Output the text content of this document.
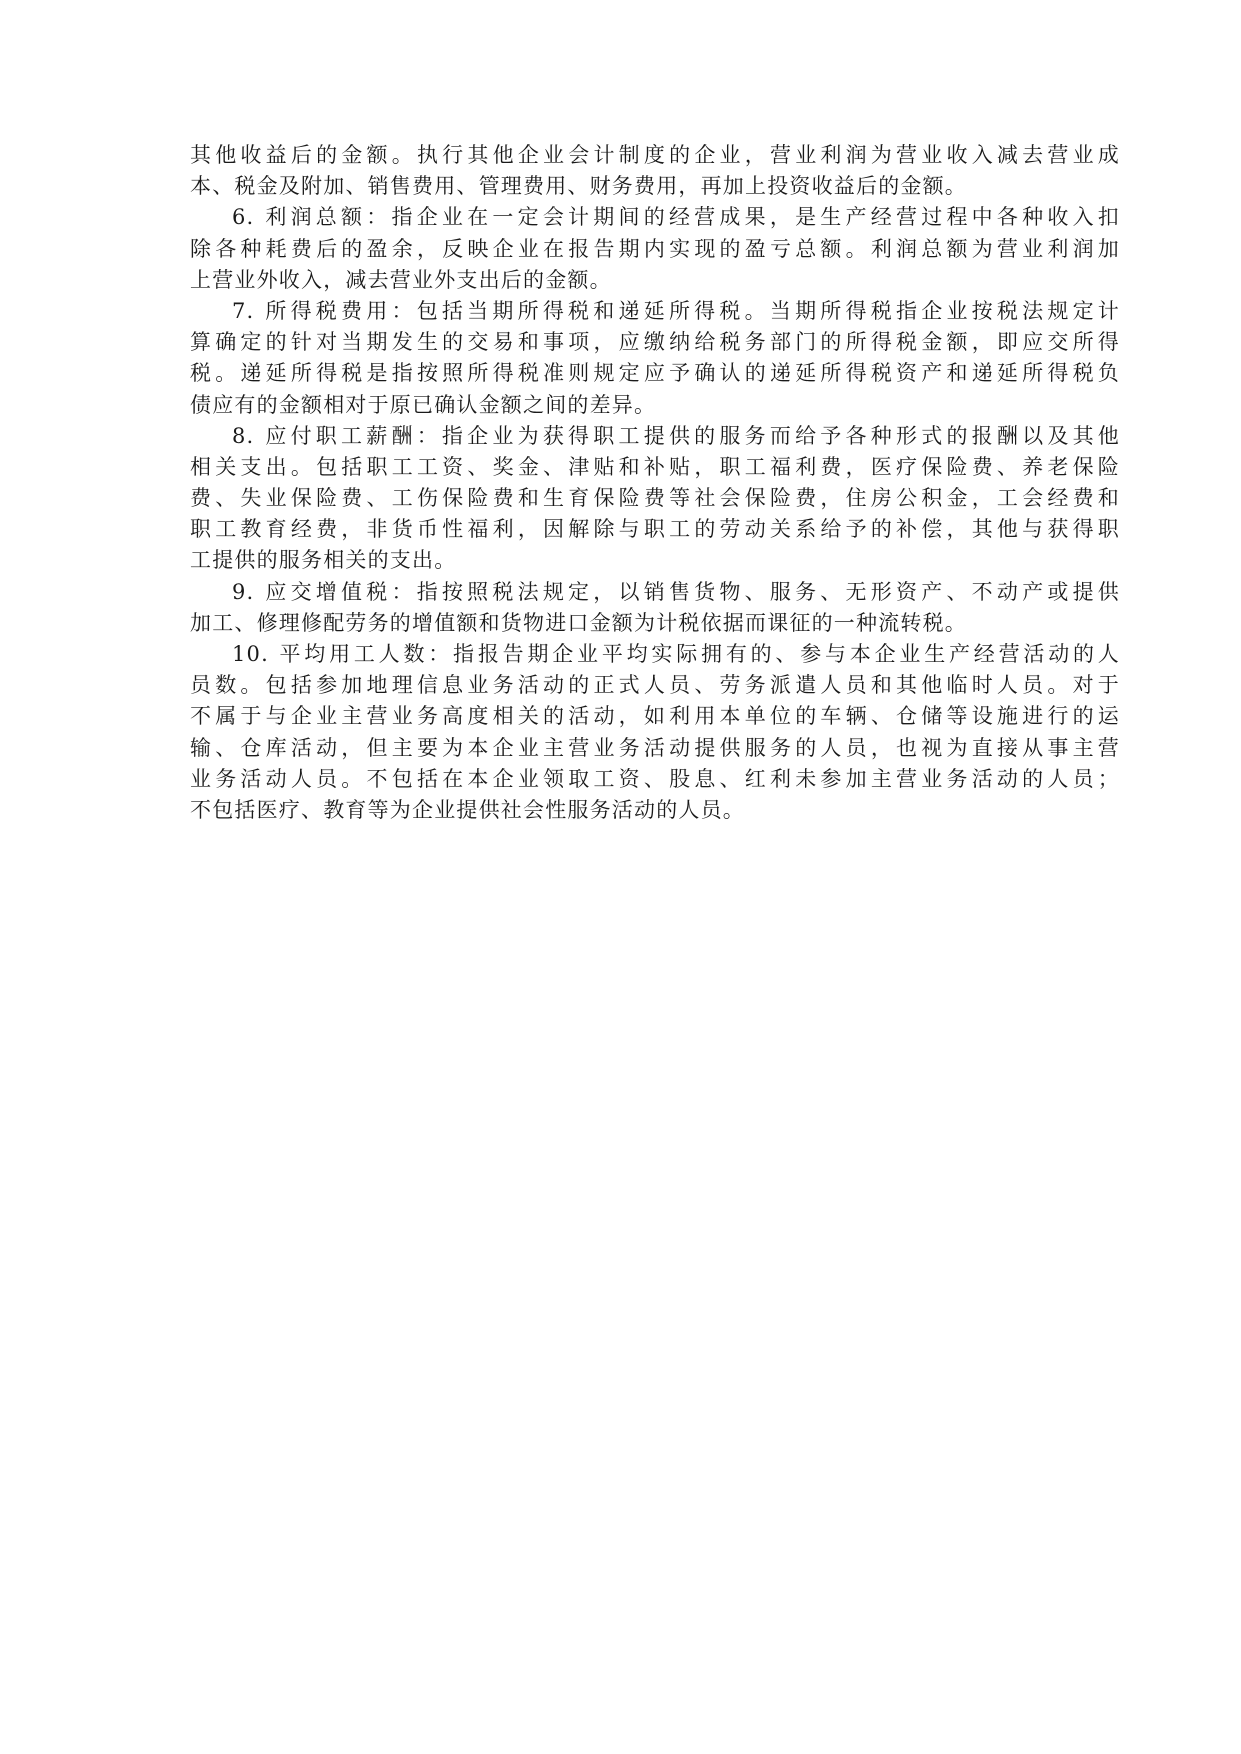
其他收益后的金额。执行其他企业会计制度的企业，营业利润为营业收入减去营业成
本、税金及附加、销售费用、管理费用、财务费用，再加上投资收益后的金额。
6. 利润总额：指企业在一定会计期间的经营成果，是生产经营过程中各种收入扣
除各种耗费后的盈余，反映企业在报告期内实现的盈亏总额。利润总额为营业利润加
上营业外收入，减去营业外支出后的金额。
7. 所得税费用：包括当期所得税和递延所得税。当期所得税指企业按税法规定计
算确定的针对当期发生的交易和事项，应缴纳给税务部门的所得税金额，即应交所得
税。递延所得税是指按照所得税准则规定应予确认的递延所得税资产和递延所得税负
债应有的金额相对于原已确认金额之间的差异。
8. 应付职工薪酬：指企业为获得职工提供的服务而给予各种形式的报酬以及其他
相关支出。包括职工工资、奖金、津贴和补贴，职工福利费，医疗保险费、养老保险
费、失业保险费、工伤保险费和生育保险费等社会保险费，住房公积金，工会经费和
职工教育经费，非货币性福利，因解除与职工的劳动关系给予的补偿，其他与获得职
工提供的服务相关的支出。
9. 应交增值税：指按照税法规定，以销售货物、服务、无形资产、不动产或提供
加工、修理修配劳务的增值额和货物进口金额为计税依据而课征的一种流转税。
10. 平均用工人数：指报告期企业平均实际拥有的、参与本企业生产经营活动的人
员数。包括参加地理信息业务活动的正式人员、劳务派遣人员和其他临时人员。对于
不属于与企业主营业务高度相关的活动，如利用本单位的车辆、仓储等设施进行的运
输、仓库活动，但主要为本企业主营业务活动提供服务的人员，也视为直接从事主营
业务活动人员。不包括在本企业领取工资、股息、红利未参加主营业务活动的人员；
不包括医疗、教育等为企业提供社会性服务活动的人员。
